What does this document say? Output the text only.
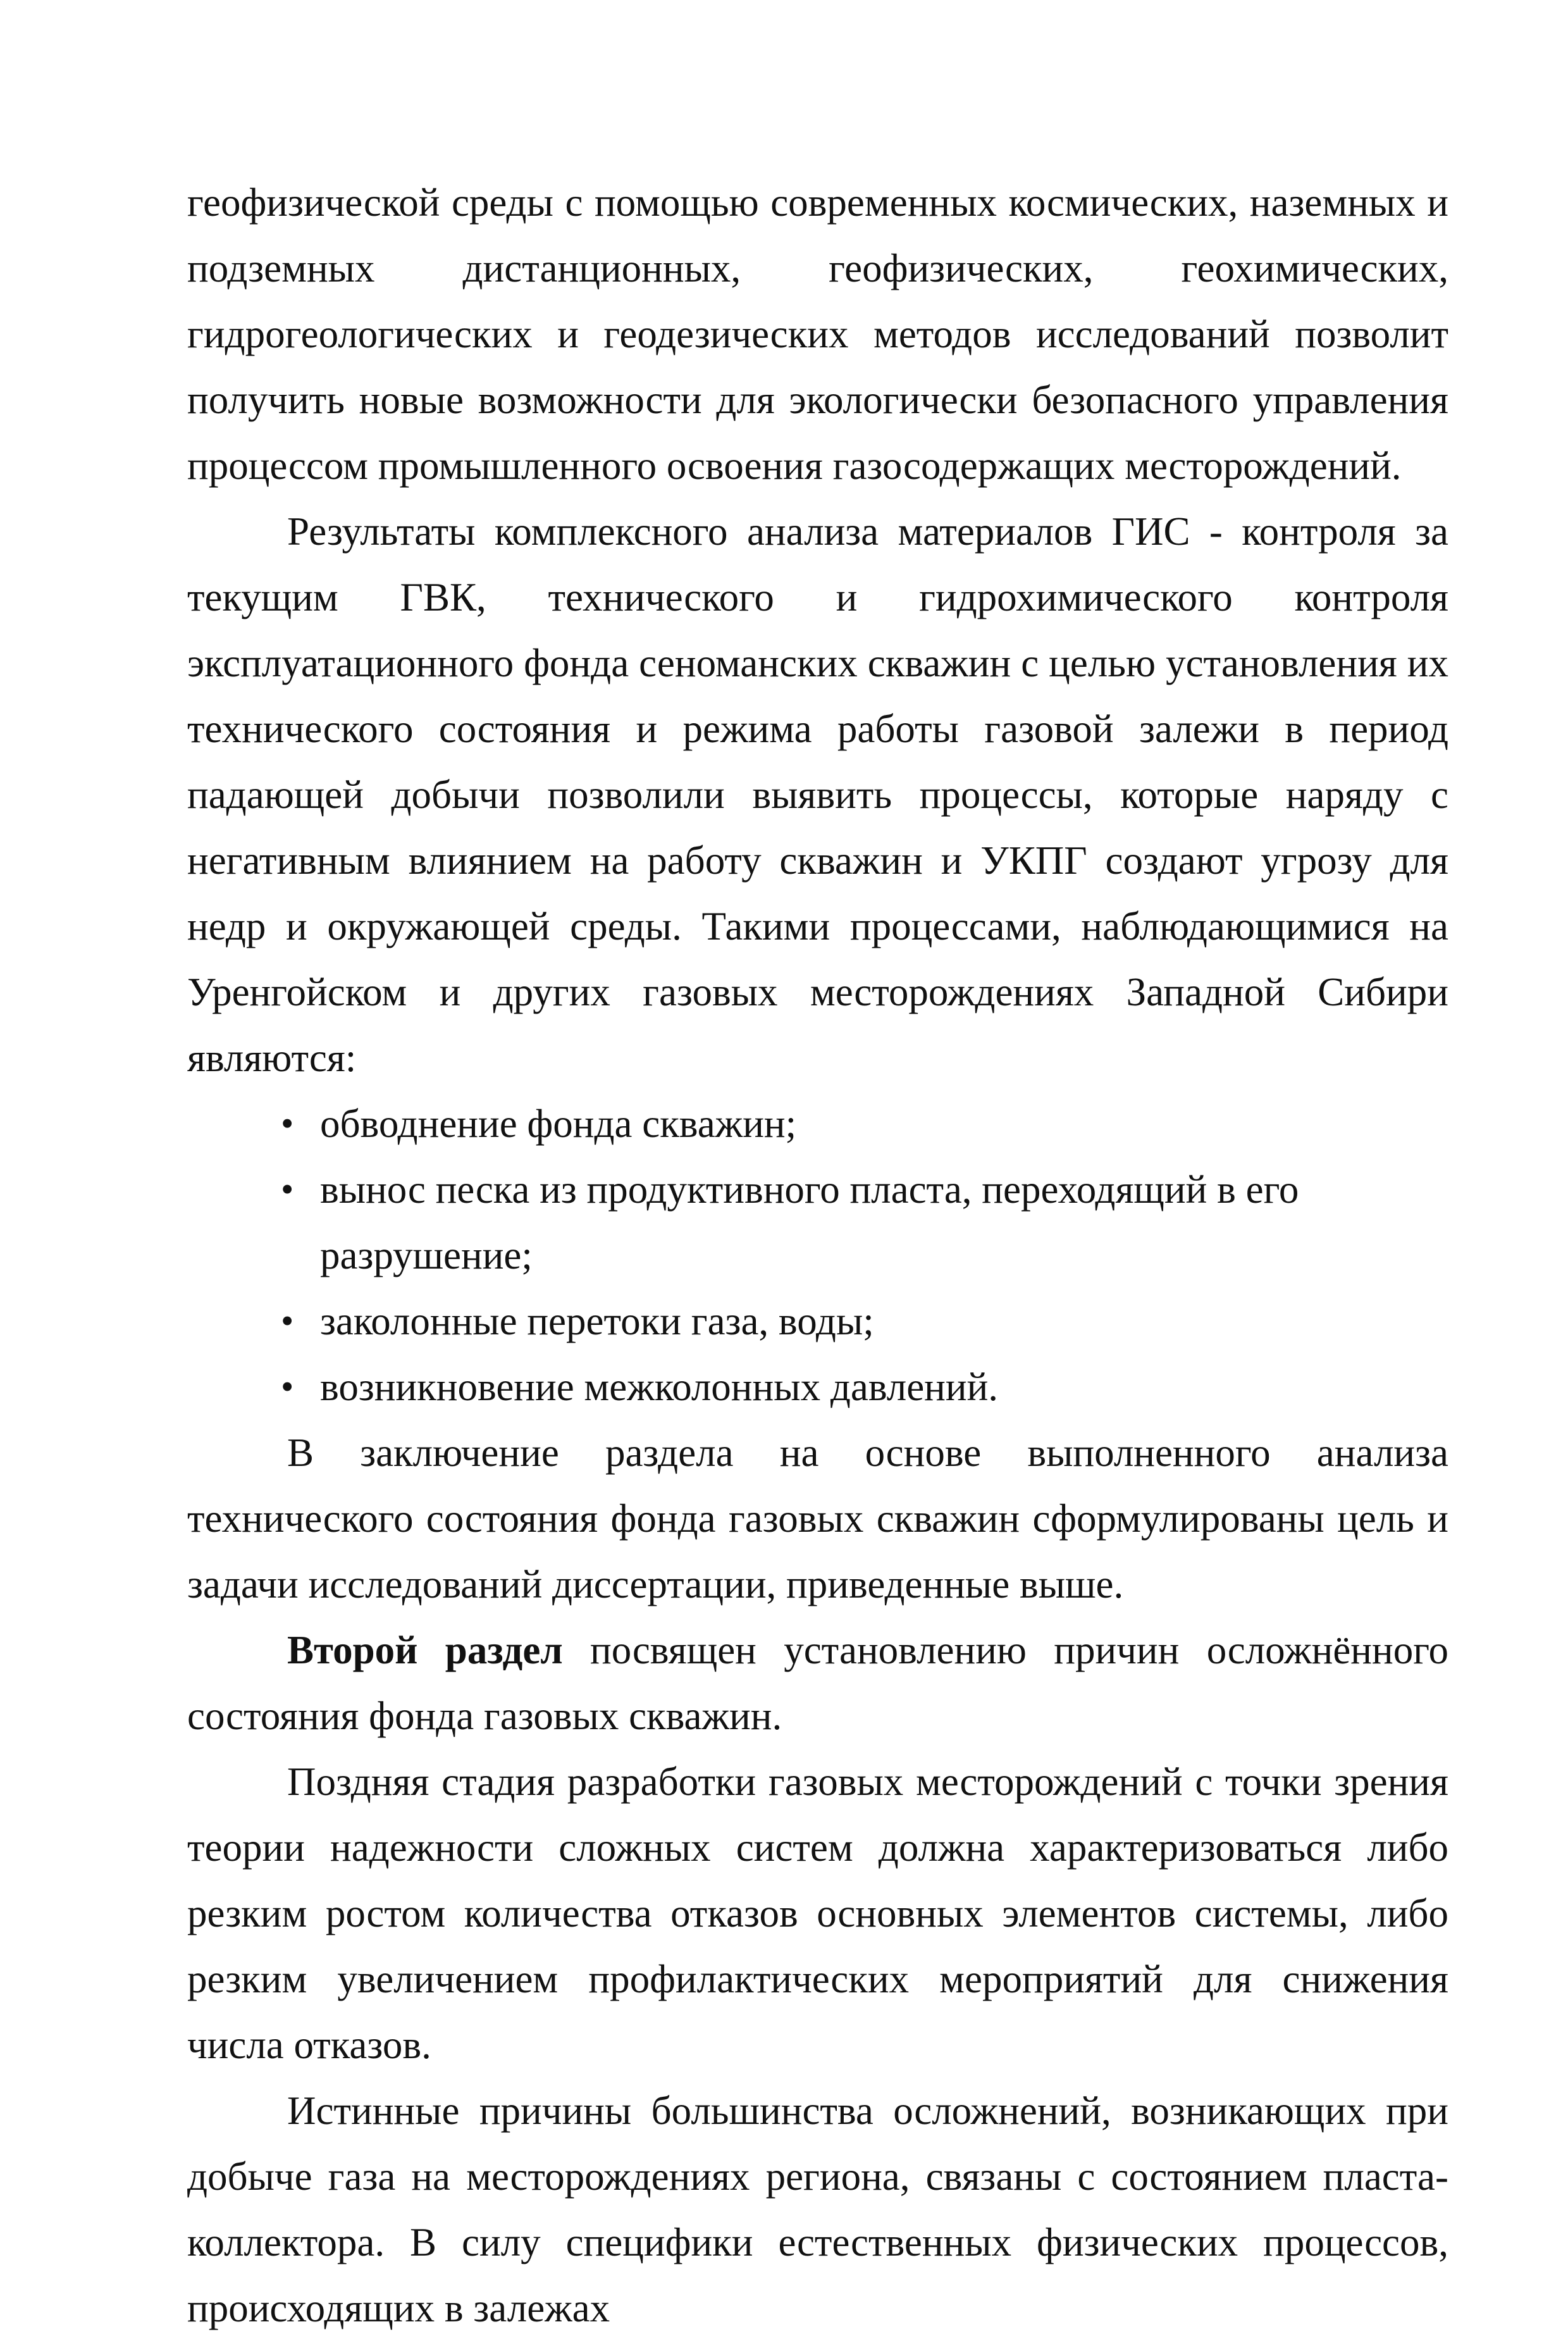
геофизической среды с помощью современных космических, наземных и подземных дистанционных, геофизических, геохимических, гидрогеологических и геодезических методов исследований позволит получить новые возможности для экологически безопасного управления процессом промышленного освоения газосодержащих месторождений.

Результаты комплексного анализа материалов ГИС - контроля за текущим ГВК, технического и гидрохимического контроля эксплуатационного фонда сеноманских скважин с целью установления их технического состояния и режима работы газовой залежи в период падающей добычи позволили выявить процессы, которые наряду с негативным влиянием на работу скважин и УКПГ создают угрозу для недр и окружающей среды. Такими процессами, наблюдающимися на Уренгойском и других газовых месторождениях Западной Сибири являются:

• обводнение фонда скважин;
• вынос песка из продуктивного пласта, переходящий в его разрушение;
• заколонные перетоки газа, воды;
• возникновение межколонных давлений.

В заключение раздела на основе выполненного анализа технического состояния фонда газовых скважин сформулированы цель и задачи исследований диссертации, приведенные выше.

Второй раздел посвящен установлению причин осложнённого состояния фонда газовых скважин.

Поздняя стадия разработки газовых месторождений с точки зрения теории надежности сложных систем должна характеризоваться либо резким ростом количества отказов основных элементов системы, либо резким увеличением профилактических мероприятий для снижения числа отказов.

Истинные причины большинства осложнений, возникающих при добыче газа на месторождениях региона, связаны с состоянием пласта-коллектора. В силу специфики естественных физических процессов, происходящих в залежах
